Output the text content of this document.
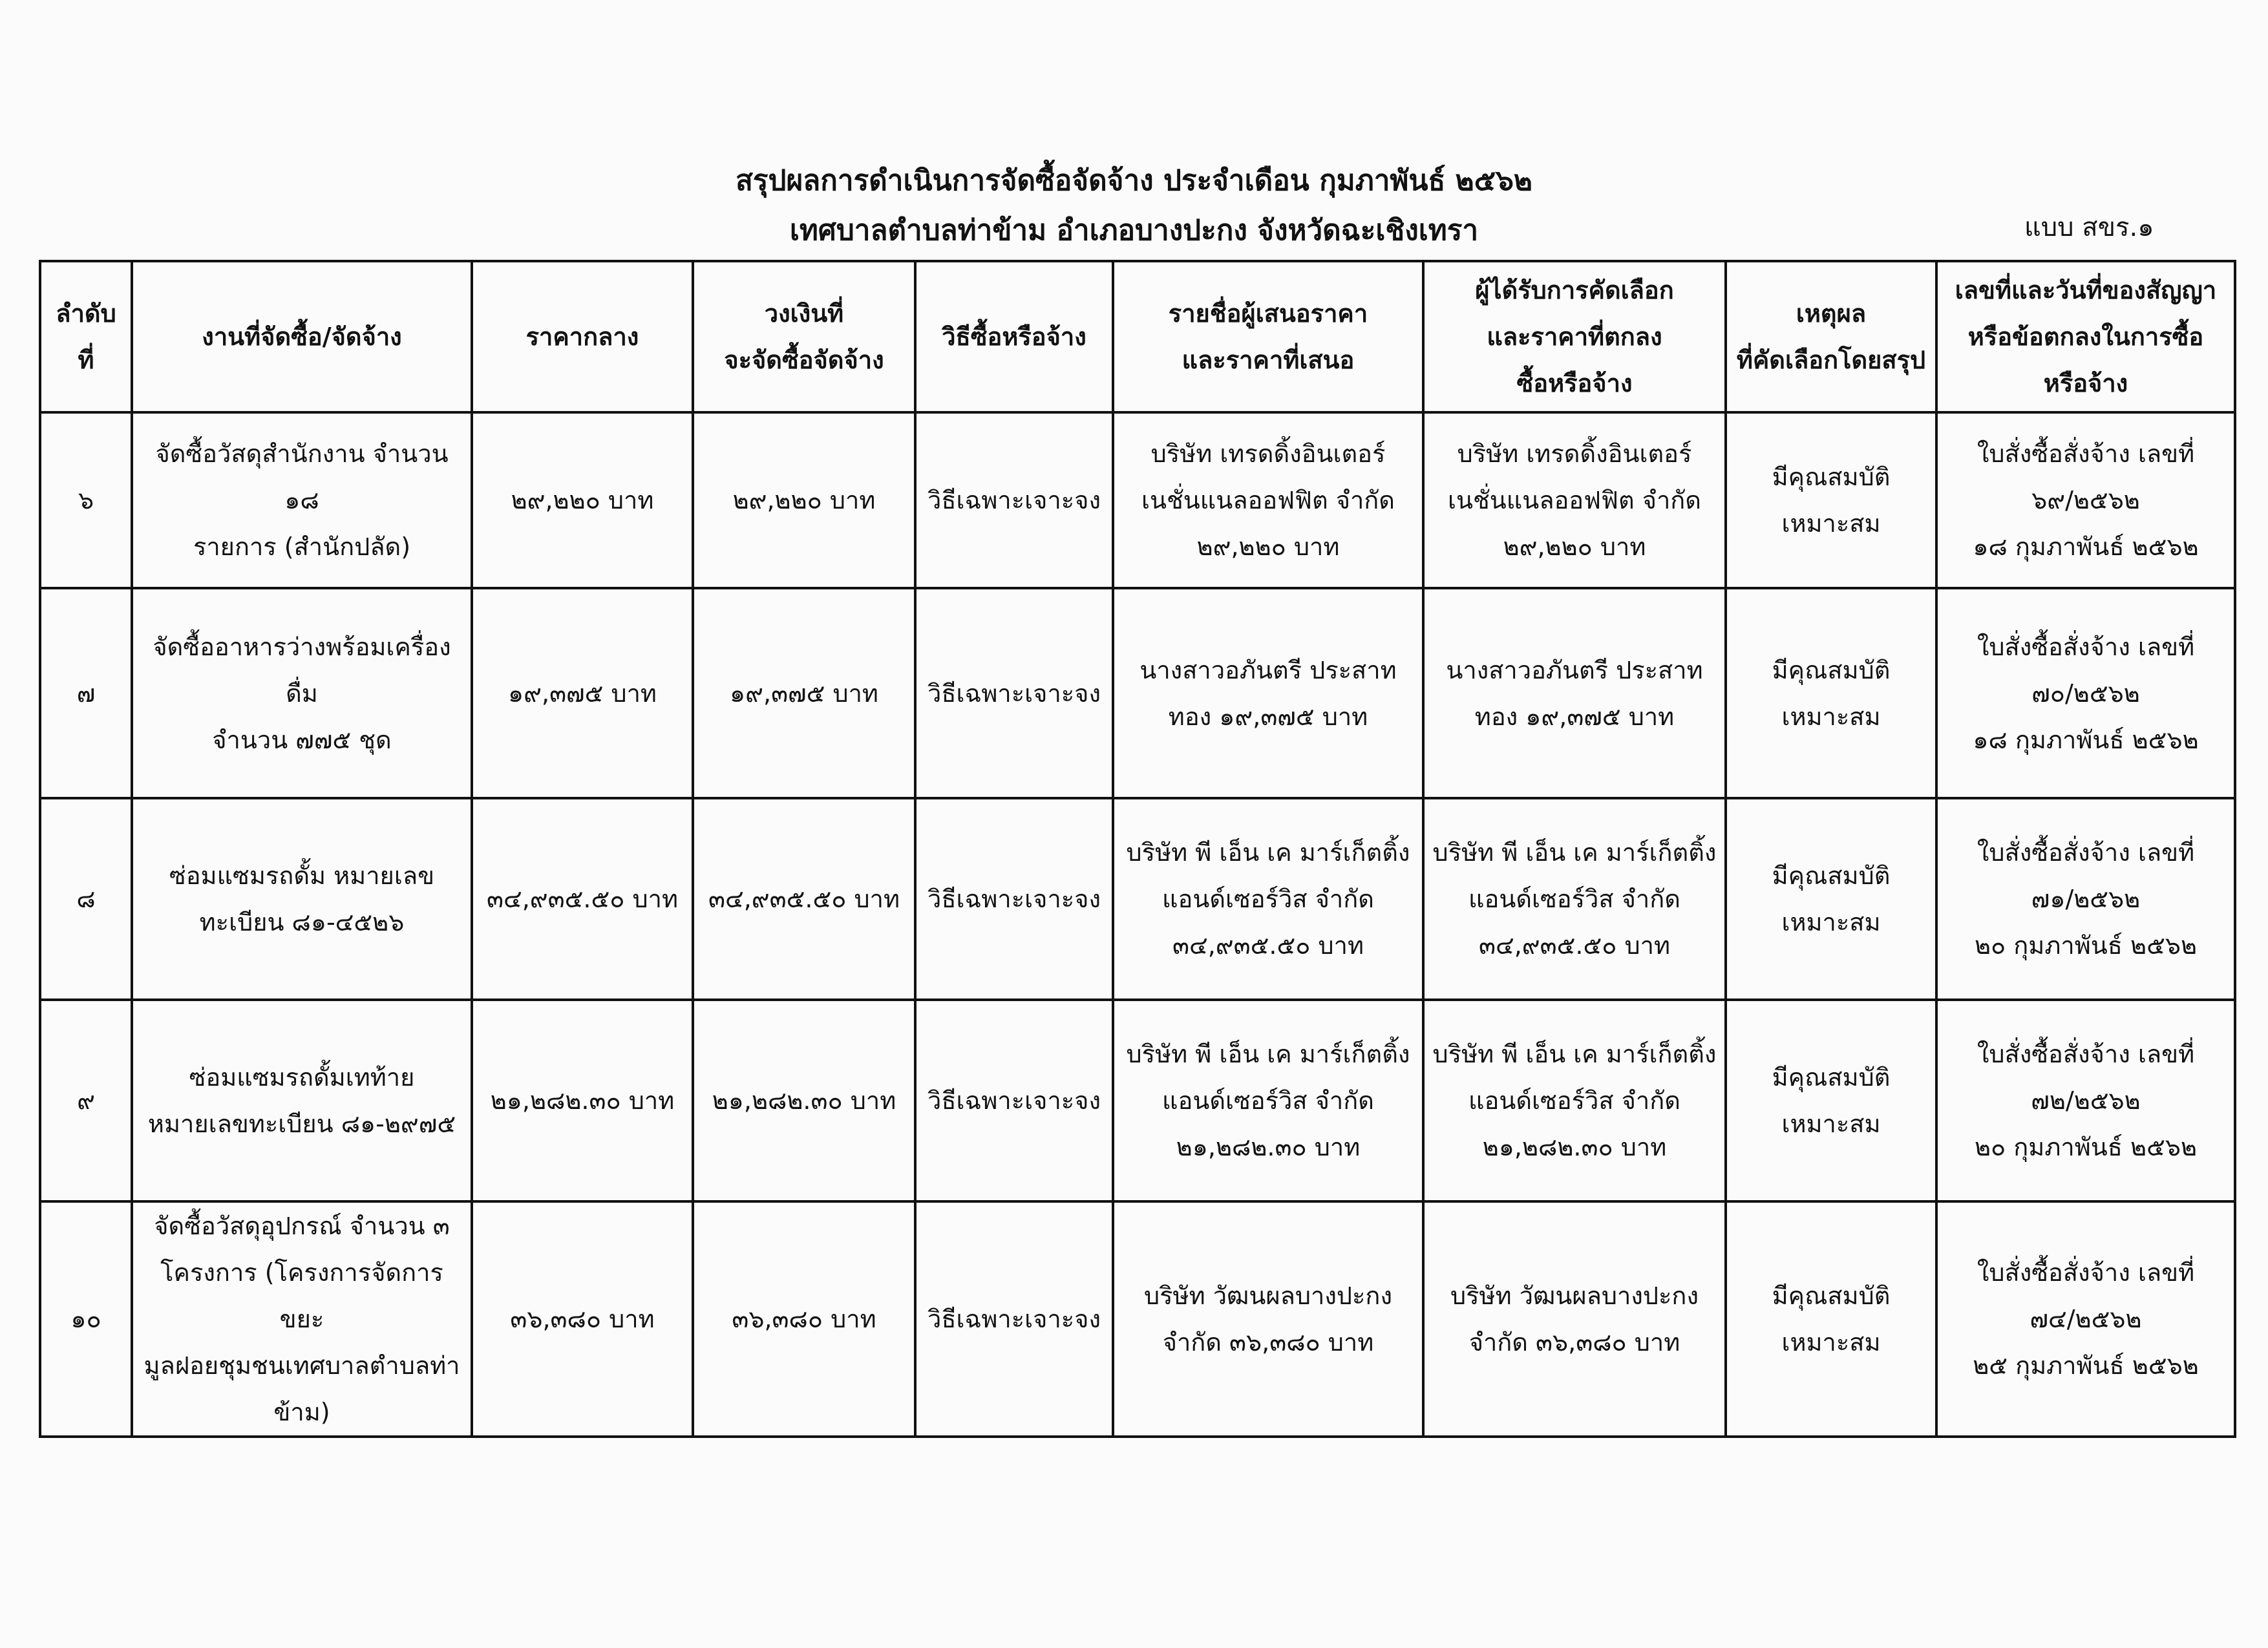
สรุปผลการดำเนินการจัดซื้อจัดจ้าง ประจำเดือน กุมภาพันธ์ ๒๕๖๒
เทศบาลตำบลท่าข้าม อำเภอบางปะกง จังหวัดฉะเชิงเทรา	แบบ สขร.๑
ลำดับที่	งานที่จัดซื้อ/จัดจ้าง	ราคากลาง	วงเงินที่
จะจัดซื้อจัดจ้าง	วิธีซื้อหรือจ้าง	รายชื่อผู้เสนอราคา
และราคาที่เสนอ	ผู้ได้รับการคัดเลือก
และราคาที่ตกลง
ซื้อหรือจ้าง	เหตุผล
ที่คัดเลือกโดยสรุป	เลขที่และวันที่ของสัญญา
หรือข้อตกลงในการซื้อ
หรือจ้าง

๖	จัดซื้อวัสดุสำนักงาน จำนวน ๑๘
รายการ (สำนักปลัด)	๒๙,๒๒๐ บาท	๒๙,๒๒๐ บาท	วิธีเฉพาะเจาะจง	บริษัท เทรดดิ้งอินเตอร์
เนชั่นแนลออฟฟิต จำกัด
๒๙,๒๒๐ บาท	บริษัท เทรดดิ้งอินเตอร์
เนชั่นแนลออฟฟิต จำกัด
๒๙,๒๒๐ บาท	มีคุณสมบัติ
เหมาะสม	ใบสั่งซื้อสั่งจ้าง เลขที่
๖๙/๒๕๖๒
๑๘ กุมภาพันธ์ ๒๕๖๒

๗	จัดซื้ออาหารว่างพร้อมเครื่องดื่ม
จำนวน ๗๗๕ ชุด	๑๙,๓๗๕ บาท	๑๙,๓๗๕ บาท	วิธีเฉพาะเจาะจง	นางสาวอภันตรี ประสาท
ทอง ๑๙,๓๗๕ บาท	นางสาวอภันตรี ประสาท
ทอง ๑๙,๓๗๕ บาท	มีคุณสมบัติ
เหมาะสม	ใบสั่งซื้อสั่งจ้าง เลขที่
๗๐/๒๕๖๒
๑๘ กุมภาพันธ์ ๒๕๖๒

๘	ซ่อมแซมรถดั้ม หมายเลข
ทะเบียน ๘๑-๔๕๒๖	๓๔,๙๓๕.๕๐ บาท	๓๔,๙๓๕.๕๐ บาท	วิธีเฉพาะเจาะจง	บริษัท พี เอ็น เค มาร์เก็ตติ้ง
แอนด์เซอร์วิส จำกัด
๓๔,๙๓๕.๕๐ บาท	บริษัท พี เอ็น เค มาร์เก็ตติ้ง
แอนด์เซอร์วิส จำกัด
๓๔,๙๓๕.๕๐ บาท	มีคุณสมบัติ
เหมาะสม	ใบสั่งซื้อสั่งจ้าง เลขที่
๗๑/๒๕๖๒
๒๐ กุมภาพันธ์ ๒๕๖๒

๙	ซ่อมแซมรถดั้มเทท้าย
หมายเลขทะเบียน ๘๑-๒๙๗๕	๒๑,๒๘๒.๓๐ บาท	๒๑,๒๘๒.๓๐ บาท	วิธีเฉพาะเจาะจง	บริษัท พี เอ็น เค มาร์เก็ตติ้ง
แอนด์เซอร์วิส จำกัด
๒๑,๒๘๒.๓๐ บาท	บริษัท พี เอ็น เค มาร์เก็ตติ้ง
แอนด์เซอร์วิส จำกัด
๒๑,๒๘๒.๓๐ บาท	มีคุณสมบัติ
เหมาะสม	ใบสั่งซื้อสั่งจ้าง เลขที่
๗๒/๒๕๖๒
๒๐ กุมภาพันธ์ ๒๕๖๒

๑๐	จัดซื้อวัสดุอุปกรณ์ จำนวน ๓
โครงการ (โครงการจัดการขยะ
มูลฝอยชุมชนเทศบาลตำบลท่า
ข้าม)	๓๖,๓๘๐ บาท	๓๖,๓๘๐ บาท	วิธีเฉพาะเจาะจง	บริษัท วัฒนผลบางปะกง
จำกัด ๓๖,๓๘๐ บาท	บริษัท วัฒนผลบางปะกง
จำกัด ๓๖,๓๘๐ บาท	มีคุณสมบัติ
เหมาะสม	ใบสั่งซื้อสั่งจ้าง เลขที่
๗๔/๒๕๖๒
๒๕ กุมภาพันธ์ ๒๕๖๒
